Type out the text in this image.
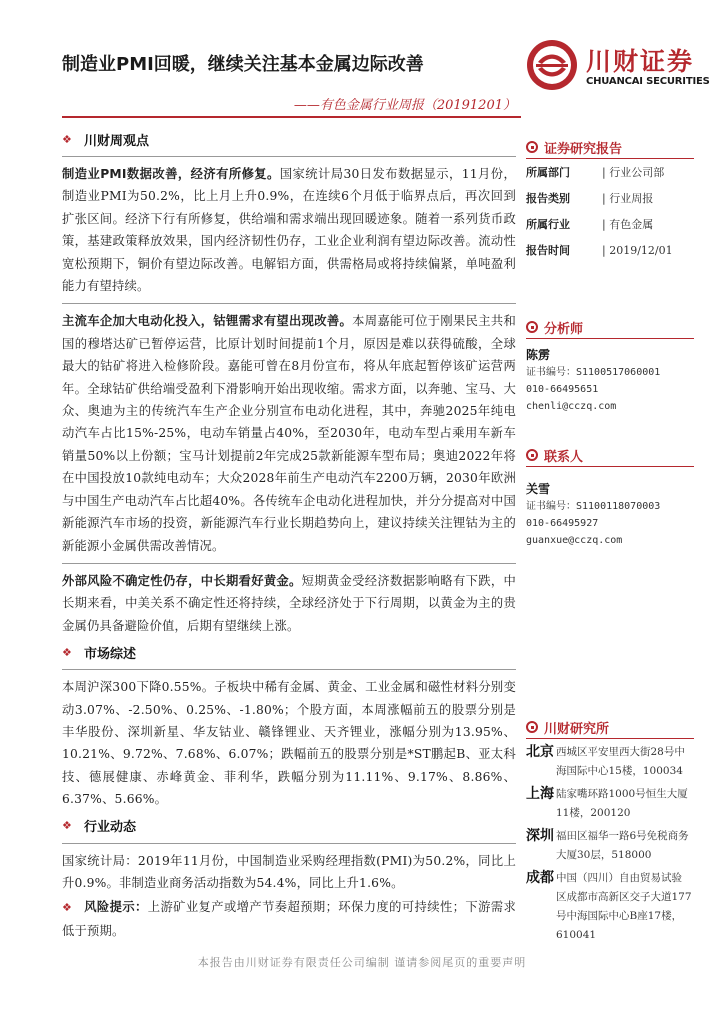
制造业PMI回暖，继续关注基本金属边际改善
——有色金属行业周报（20191201）
川财证券
CHUANCAI SECURITIES
❖ 川财周观点

制造业PMI数据改善，经济有所修复。国家统计局30日发布数据显示，11月份，制造业PMI为50.2%，比上月上升0.9%，在连续6个月低于临界点后，再次回到扩张区间。经济下行有所修复，供给端和需求端出现回暖迹象。随着一系列货币政策，基建政策释放效果，国内经济韧性仍存，工业企业利润有望边际改善。流动性宽松预期下，铜价有望边际改善。电解铝方面，供需格局或将持续偏紧，单吨盈利能力有望持续。

主流车企加大电动化投入，钴锂需求有望出现改善。本周嘉能可位于刚果民主共和国的穆塔达矿已暂停运营，比原计划时间提前1个月，原因是难以获得硫酸，全球最大的钴矿将进入检修阶段。嘉能可曾在8月份宣布，将从年底起暂停该矿运营两年。全球钴矿供给端受盈利下滑影响开始出现收缩。需求方面，以奔驰、宝马、大众、奥迪为主的传统汽车生产企业分别宣布电动化进程，其中，奔驰2025年纯电动汽车占比15%-25%，电动车销量占40%，至2030年，电动车型占乘用车新车销量50%以上份额；宝马计划提前2年完成25款新能源车型布局；奥迪2022年将在中国投放10款纯电动车；大众2028年前生产电动汽车2200万辆，2030年欧洲与中国生产电动汽车占比超40%。各传统车企电动化进程加快，并分分提高对中国新能源汽车市场的投资，新能源汽车行业长期趋势向上，建议持续关注锂钴为主的新能源小金属供需改善情况。

外部风险不确定性仍存，中长期看好黄金。短期黄金受经济数据影响略有下跌，中长期来看，中美关系不确定性还将持续，全球经济处于下行周期，以黄金为主的贵金属仍具备避险价值，后期有望继续上涨。

❖ 市场综述

本周沪深300下降0.55%。子板块中稀有金属、黄金、工业金属和磁性材料分别变动3.07%、-2.50%、0.25%、-1.80%；个股方面，本周涨幅前五的股票分别是丰华股份、深圳新星、华友钴业、赣锋锂业、天齐锂业，涨幅分别为13.95%、10.21%、9.72%、7.68%、6.07%；跌幅前五的股票分别是*ST鹏起B、亚太科技、德展健康、赤峰黄金、菲利华，跌幅分别为11.11%、9.17%、8.86%、6.37%、5.66%。

❖ 行业动态

国家统计局：2019年11月份，中国制造业采购经理指数(PMI)为50.2%，同比上升0.9%。非制造业商务活动指数为54.4%，同比上升1.6%。

❖ 风险提示：上游矿业复产或增产节奏超预期；环保力度的可持续性；下游需求低于预期。

证券研究报告
所属部门	| 行业公司部
报告类别	| 行业周报
所属行业	| 有色金属
报告时间	| 2019/12/01
分析师
陈雳
证书编号：S1100517060001
010-66495651
chenli@cczq.com
联系人
关雪
证书编号：S1100118070003
010-66495927
guanxue@cczq.com
川财研究所
北京 西城区平安里西大街28号中海国际中心15楼，100034
上海 陆家嘴环路1000号恒生大厦11楼，200120
深圳 福田区福华一路6号免税商务大厦30层，518000
成都 中国（四川）自由贸易试验区成都市高新区交子大道177号中海国际中心B座17楼，610041
本报告由川财证券有限责任公司编制 谨请参阅尾页的重要声明
